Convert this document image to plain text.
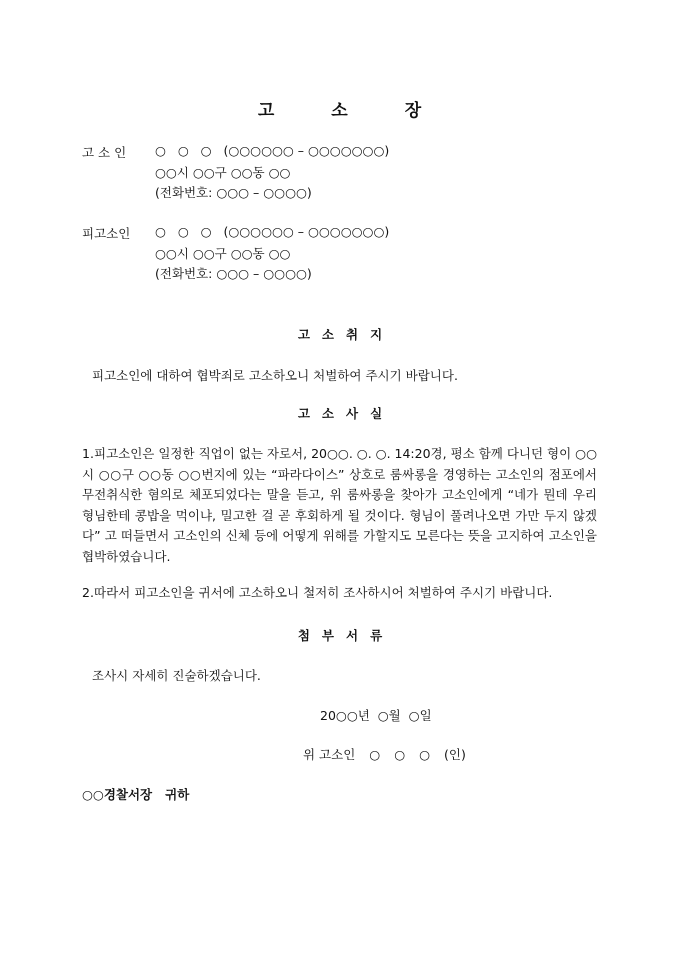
고	소	장
고 소 인 ○   ○   ○   (○○○○○○ – ○○○○○○○)
○○시 ○○구 ○○동 ○○
(전화번호: ○○○ – ○○○○)
피고소인 ○   ○   ○   (○○○○○○ – ○○○○○○○)
○○시 ○○구 ○○동 ○○
(전화번호: ○○○ – ○○○○)
고 소 취 지
피고소인에 대하여 협박죄로 고소하오니 처벌하여 주시기 바랍니다.
고 소 사 실
1. 피고소인은 일정한 직업이 없는 자로서, 20○○. ○. ○. 14:20경, 평소 함께 다니던 형이 ○○시 ○○구 ○○동 ○○번지에 있는 “파라다이스” 상호로 룸싸롱을 경영하는 고소인의 점포에서 무전취식한 혐의로 체포되었다는 말을 듣고, 위 룸싸롱을 찾아가 고소인에게 “네가 뭔데 우리 형님한테 콩밥을 먹이냐, 밀고한 걸 곧 후회하게 될 것이다. 형님이 풀려나오면 가만 두지 않겠다” 고 떠들면서 고소인의 신체 등에 어떻게 위해를 가할지도 모른다는 뜻을 고지하여 고소인을 협박하였습니다.
2. 따라서 피고소인을 귀서에 고소하오니 철저히 조사하시어 처벌하여 주시기 바랍니다.
첨 부 서 류
조사시 자세히 진술하겠습니다.
20○○년  ○월  ○일
위 고소인 ○ ○ ○ (인)
○○경찰서장   귀하
